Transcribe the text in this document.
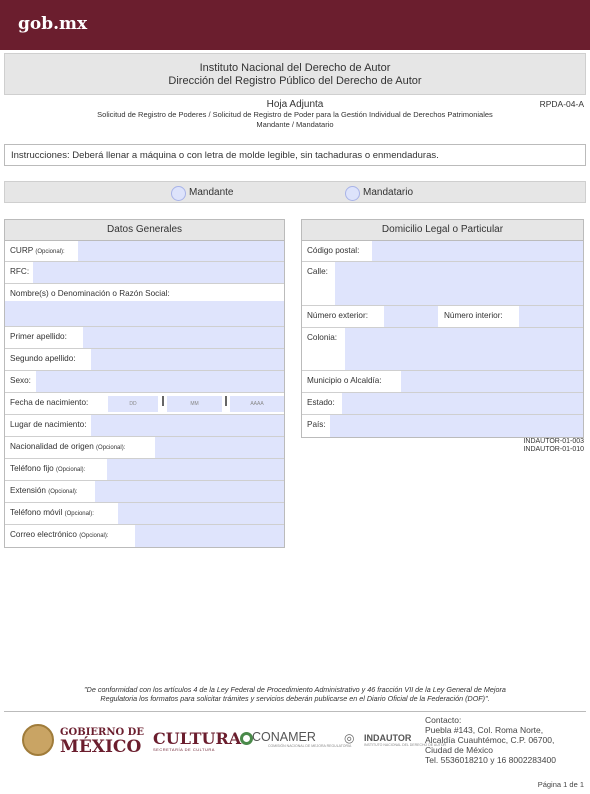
gob.mx
Instituto Nacional del Derecho de Autor
Dirección del Registro Público del Derecho de Autor
Hoja Adjunta	RPDA-04-A
Solicitud de Registro de Poderes / Solicitud de Registro de Poder para la Gestión Individual de Derechos Patrimoniales
Mandante / Mandatario
Instrucciones: Deberá llenar a máquina o con letra de molde legible, sin tachaduras o enmendaduras.
Mandante	Mandatario
Datos Generales
CURP (Opcional):
RFC:
Nombre(s) o Denominación o Razón Social:
Primer apellido:
Segundo apellido:
Sexo:
Fecha de nacimiento:	DD	MM	AAAA
Lugar de nacimiento:
Nacionalidad de origen (Opcional):
Teléfono fijo (Opcional):
Extensión (Opcional):
Teléfono móvil (Opcional):
Correo electrónico (Opcional):
Domicilio Legal o Particular
Código postal:
Calle:
Número exterior:	Número interior:
Colonia:
Municipio o Alcaldía:
Estado:
País:
INDAUTOR-01-003
INDAUTOR-01-010
"De conformidad con los artículos 4 de la Ley Federal de Procedimiento Administrativo y 46 fracción VII de la Ley General de Mejora
Regulatoria los formatos para solicitar trámites y servicios deberán publicarse en el Diario Oficial de la Federación (DOF)".
GOBIERNO DE
MÉXICO CULTURA
SECRETARÍA DE CULTURA
CONAMER
COMISIÓN NACIONAL DE MEJORA REGULATORIA
◎	INDAUTOR
INSTITUTO NACIONAL DEL DERECHO DE AUTOR
Contacto:
Puebla #143, Col. Roma Norte,
Alcaldía Cuauhtémoc, C.P. 06700,
Ciudad de México
Tel. 5536018210 y 16 8002283400
Página 1 de 1
